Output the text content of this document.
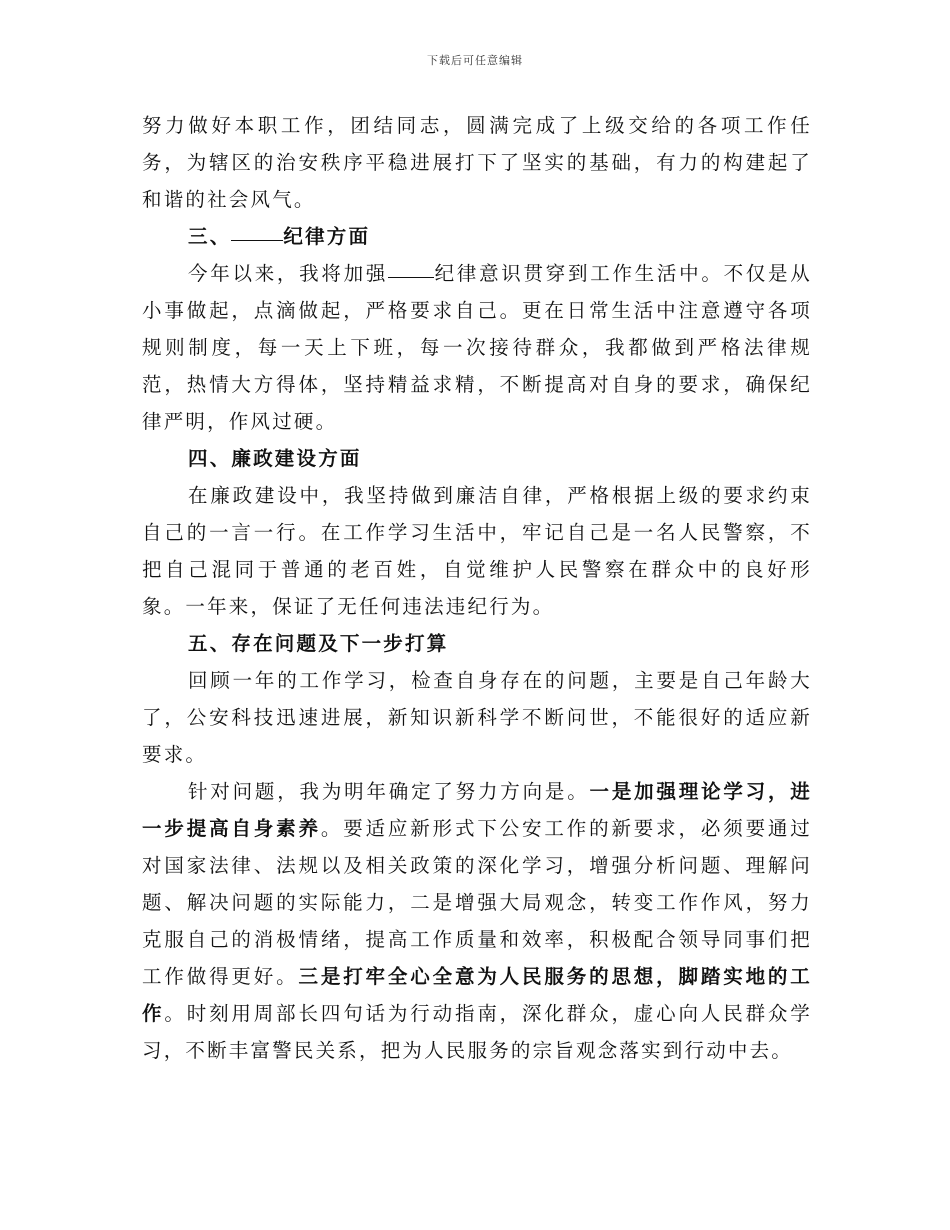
下载后可任意编辑

努力做好本职工作，团结同志，圆满完成了上级交给的各项工作任务，为辖区的治安秩序平稳进展打下了坚实的基础，有力的构建起了和谐的社会风气。

三、	纪律方面

今年以来，我将加强 纪律意识贯穿到工作生活中。不仅是从小事做起，点滴做起，严格要求自己。更在日常生活中注意遵守各项规则制度，每一天上下班，每一次接待群众，我都做到严格法律规范，热情大方得体，坚持精益求精，不断提高对自身的要求，确保纪律严明，作风过硬。

四、廉政建设方面

在廉政建设中，我坚持做到廉洁自律，严格根据上级的要求约束自己的一言一行。在工作学习生活中，牢记自己是一名人民警察，不把自己混同于普通的老百姓，自觉维护人民警察在群众中的良好形象。一年来，保证了无任何违法违纪行为。

五、存在问题及下一步打算

回顾一年的工作学习，检查自身存在的问题，主要是自己年龄大了，公安科技迅速进展，新知识新科学不断问世，不能很好的适应新要求。

针对问题，我为明年确定了努力方向是。一是加强理论学习，进一步提高自身素养。要适应新形式下公安工作的新要求，必须要通过对国家法律、法规以及相关政策的深化学习，增强分析问题、理解问题、解决问题的实际能力，二是增强大局观念，转变工作作风，努力克服自己的消极情绪，提高工作质量和效率，积极配合领导同事们把工作做得更好。三是打牢全心全意为人民服务的思想，脚踏实地的工作。时刻用周部长四句话为行动指南，深化群众，虚心向人民群众学习，不断丰富警民关系，把为人民服务的宗旨观念落实到行动中去。
